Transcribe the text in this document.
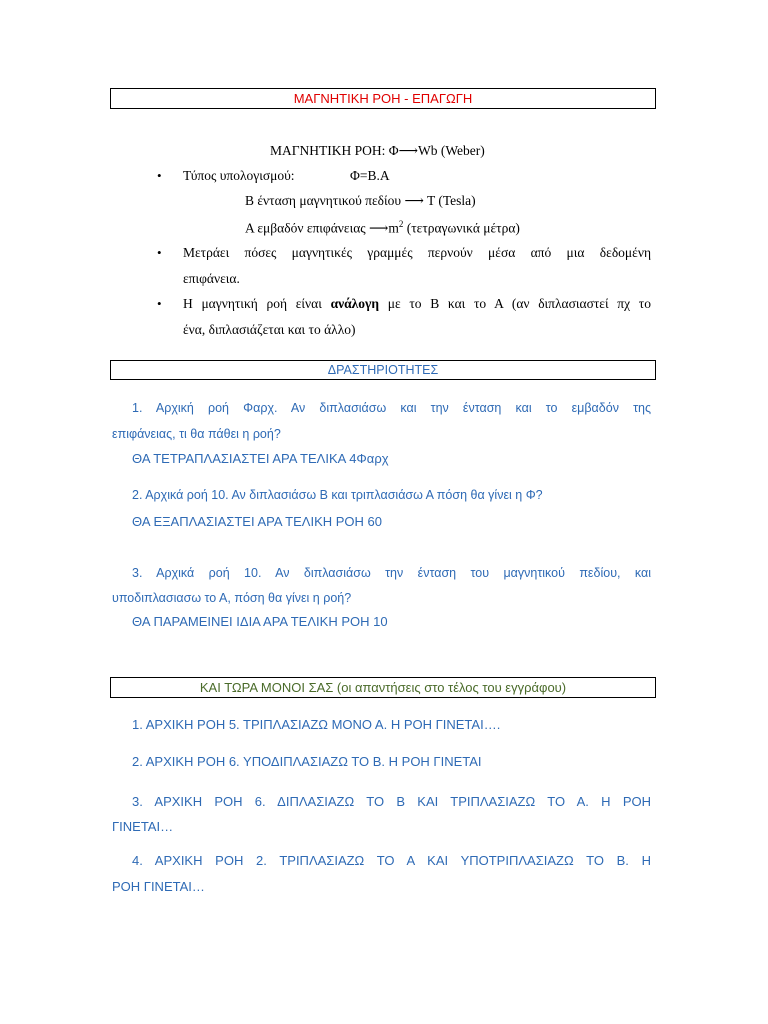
ΜΑΓΝΗΤΙΚΗ ΡΟΗ - ΕΠΑΓΩΓΗ
ΜΑΓΝΗΤΙΚΗ ΡΟΗ: Φ⟶Wb (Weber)
• Τύπος υπολογισμού:	Φ=Β.Α
Β ένταση μαγνητικού πεδίου ⟶ Τ (Tesla)
Α εμβαδόν επιφάνειας $⟶m^2$ (τετραγωνικά μέτρα)
• Μετράει πόσες μαγνητικές γραμμές περνούν μέσα από μια δεδομένη
επιφάνεια.
• Η μαγνητική ροή είναι ανάλογη με το Β και το Α (αν διπλασιαστεί πχ το
ένα, διπλασιάζεται και το άλλο)
ΔΡΑΣΤΗΡΙΟΤΗΤΕΣ
1. Αρχική ροή Φαρχ. Αν διπλασιάσω και την ένταση και το εμβαδόν της
επιφάνειας, τι θα πάθει η ροή?
ΘΑ ΤΕΤΡΑΠΛΑΣΙΑΣΤΕΙ ΑΡΑ ΤΕΛΙΚΑ 4Φαρχ
2. Αρχικά ροή 10. Αν διπλασιάσω Β και τριπλασιάσω Α πόση θα γίνει η Φ?
ΘΑ ΕΞΑΠΛΑΣΙΑΣΤΕΙ ΑΡΑ ΤΕΛΙΚΗ ΡΟΗ 60
3. Αρχικά ροή 10. Αν διπλασιάσω την ένταση του μαγνητικού πεδίου, και
υποδιπλασιασω το Α, πόση θα γίνει η ροή?
ΘΑ ΠΑΡΑΜΕΙΝΕΙ ΙΔΙΑ ΑΡΑ ΤΕΛΙΚΗ ΡΟΗ 10
ΚΑΙ ΤΩΡΑ ΜΟΝΟΙ ΣΑΣ (οι απαντήσεις στο τέλος του εγγράφου)
1. ΑΡΧΙΚΗ ΡΟΗ 5. ΤΡΙΠΛΑΣΙΑΖΩ ΜΟΝΟ Α. Η ΡΟΗ ΓΙΝΕΤΑΙ….
2. ΑΡΧΙΚΗ ΡΟΗ 6. ΥΠΟΔΙΠΛΑΣΙΑΖΩ ΤΟ Β. Η ΡΟΗ ΓΙΝΕΤΑΙ
3. ΑΡΧΙΚΗ ΡΟΗ 6. ΔΙΠΛΑΣΙΑΖΩ ΤΟ Β ΚΑΙ ΤΡΙΠΛΑΣΙΑΖΩ ΤΟ Α. Η ΡΟΗ
ΓΙΝΕΤΑΙ…
4. ΑΡΧΙΚΗ ΡΟΗ 2. ΤΡΙΠΛΑΣΙΑΖΩ ΤΟ Α ΚΑΙ ΥΠΟΤΡΙΠΛΑΣΙΑΖΩ ΤΟ Β. Η
ΡΟΗ ΓΙΝΕΤΑΙ…
